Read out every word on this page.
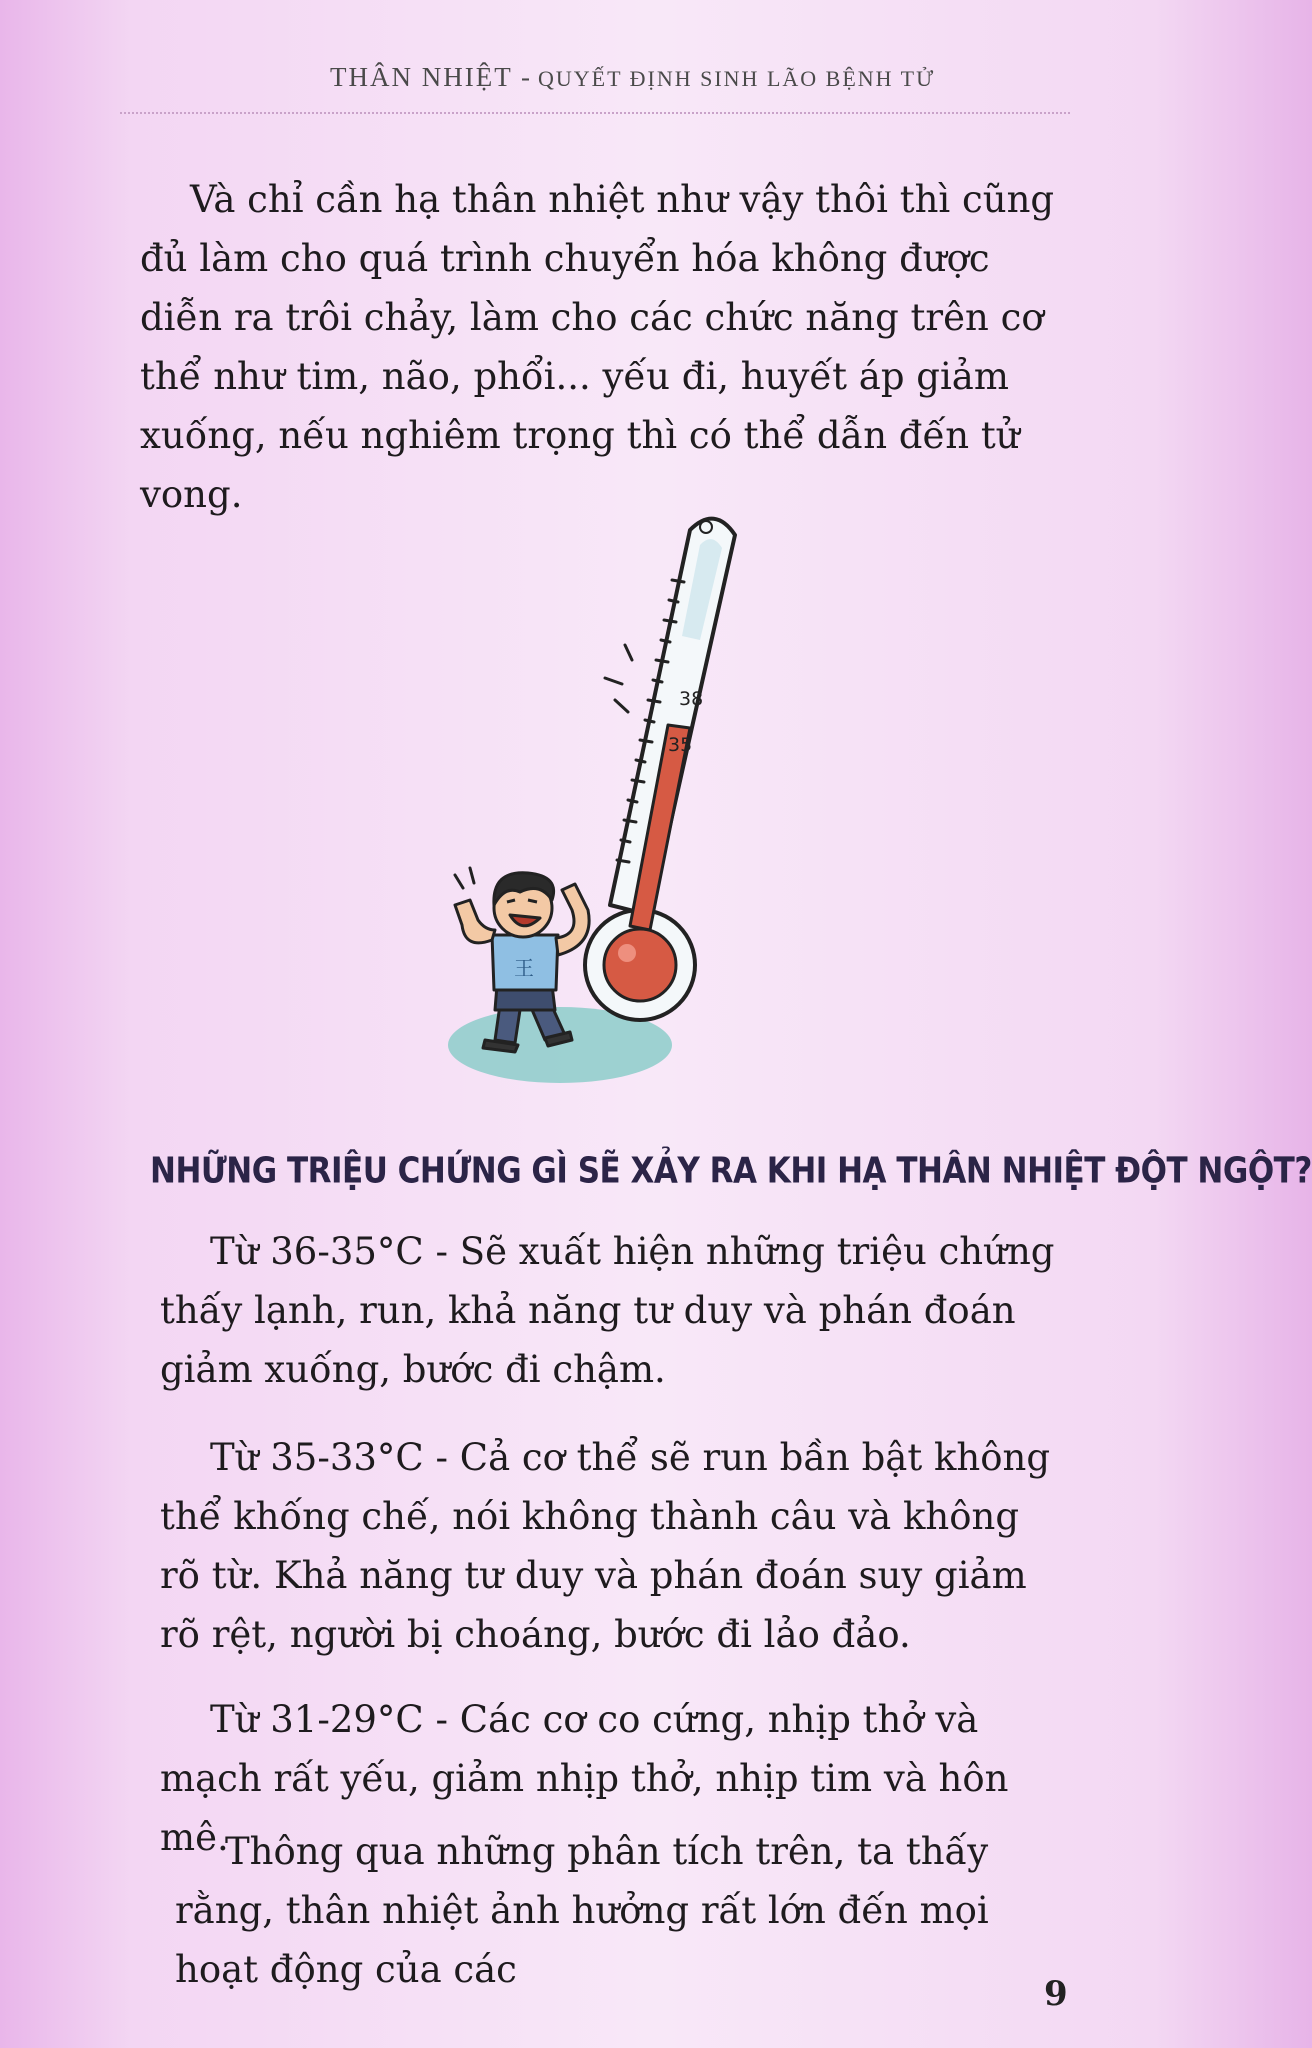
THÂN NHIỆT - QUYẾT ĐỊNH SINH LÃO BỆNH TỬ

Và chỉ cần hạ thân nhiệt như vậy thôi thì cũng đủ làm cho quá trình chuyển hóa không được diễn ra trôi chảy, làm cho các chức năng trên cơ thể như tim, não, phổi... yếu đi, huyết áp giảm xuống, nếu nghiêm trọng thì có thể dẫn đến tử vong.

38
35
王
NHỮNG TRIỆU CHỨNG GÌ SẼ XẢY RA KHI HẠ THÂN NHIỆT ĐỘT NGỘT?

Từ 36-35°C - Sẽ xuất hiện những triệu chứng thấy lạnh, run, khả năng tư duy và phán đoán giảm xuống, bước đi chậm.

Từ 35-33°C - Cả cơ thể sẽ run bần bật không thể khống chế, nói không thành câu và không rõ từ. Khả năng tư duy và phán đoán suy giảm rõ rệt, người bị choáng, bước đi lảo đảo.

Từ 31-29°C - Các cơ co cứng, nhịp thở và mạch rất yếu, giảm nhịp thở, nhịp tim và hôn mê.

Thông qua những phân tích trên, ta thấy rằng, thân nhiệt ảnh hưởng rất lớn đến mọi hoạt động của các

9
